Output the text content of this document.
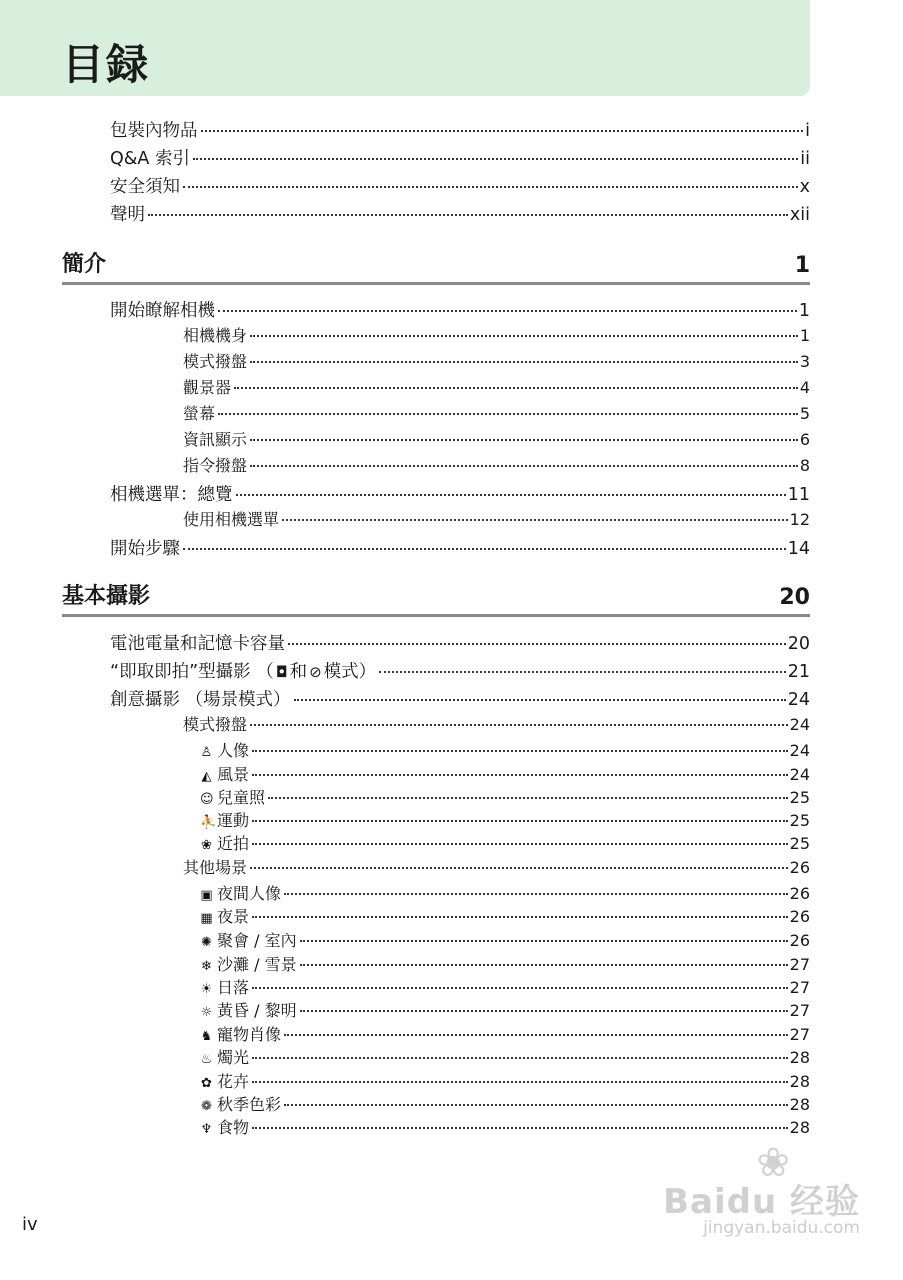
目録
包裝內物品	i
Q&A 索引	ii
安全須知	x
聲明	xii
簡介	1
開始瞭解相機	1
相機機身	1
模式撥盤	3
觀景器	4
螢幕	5
資訊顯示	6
指令撥盤	8
相機選單：總覽	11
使用相機選單	12
開始步驟	14
基本攝影	20
電池電量和記憶卡容量	20
“即取即拍”型攝影 （ ◘ 和 ⊘ 模式）	21
創意攝影 （場景模式）	24
模式撥盤	24
♙ 人像	24
◭ 風景	24
☺ 兒童照	25
⛹運動	25
❀ 近拍	25
其他場景	26
▣ 夜間人像	26
▦ 夜景	26
✺ 聚會 / 室內	26
❄ 沙灘 / 雪景	27
☀ 日落	27
☼ 黃昏 / 黎明	27
♞ 寵物肖像	27
♨ 燭光	28
✿ 花卉	28
❁ 秋季色彩	28
♆ 食物	28
iv
❀
Baidu 经验
jingyan.baidu.com
